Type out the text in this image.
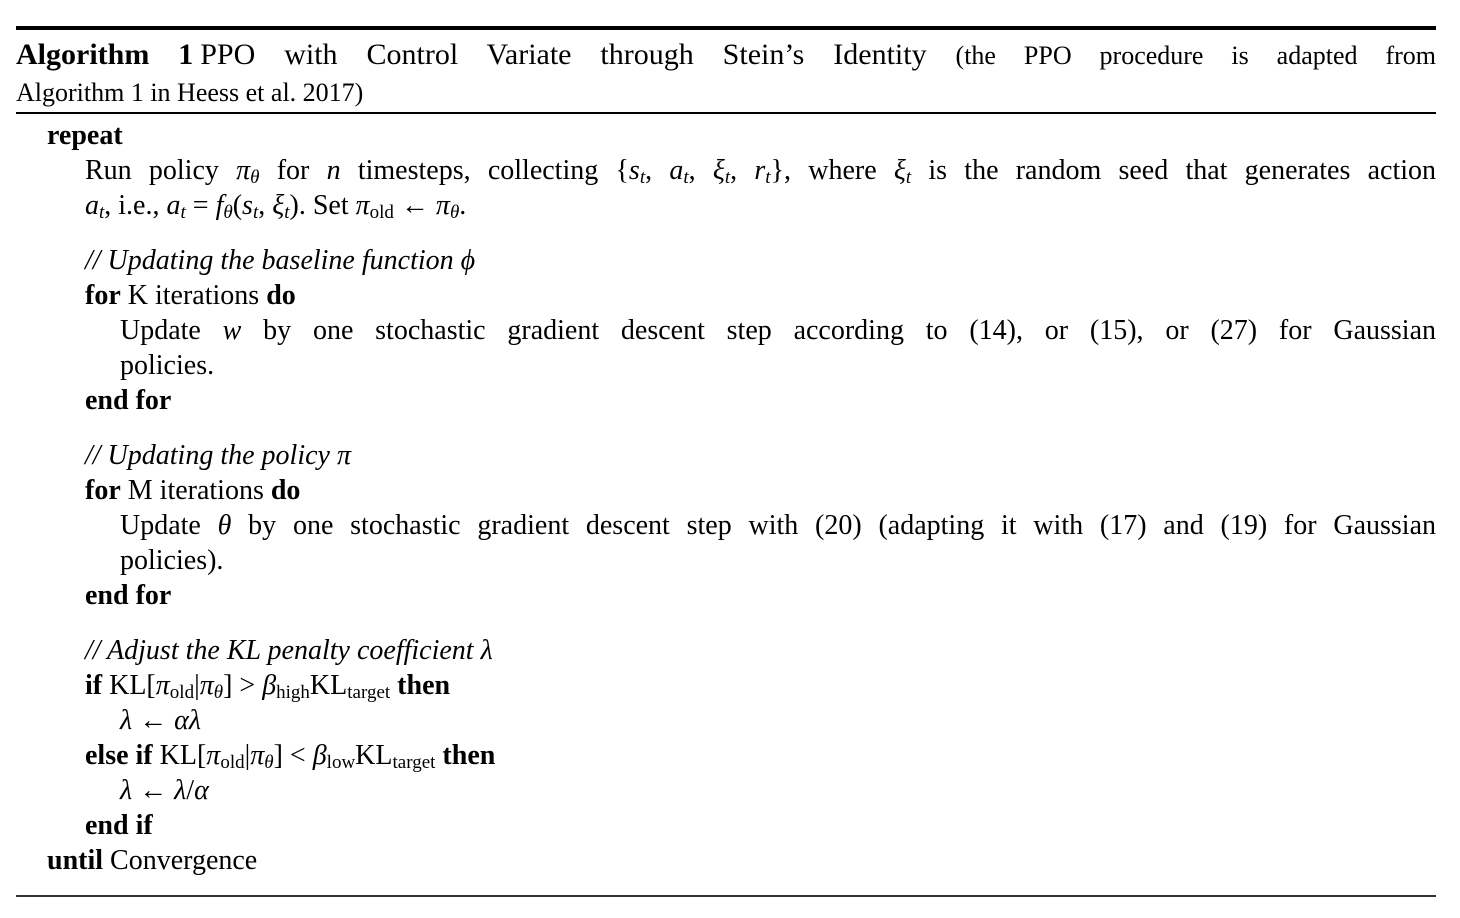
Algorithm 1 PPO with Control Variate through Stein’s Identity (the PPO procedure is adapted from
Algorithm 1 in Heess et al. 2017)
repeat
Run policy $\pi_\theta$ for n timesteps, collecting {$s_t$, $a_t$, $\xi_t$, $r_t$}, where $\xi_t$ is the random seed that generates action
$a_t$, i.e., $a_t = f_\theta(s_t$, $\xi_t$). Set $\pi_{old}$ ← $\pi_\theta$.
// Updating the baseline function ϕ
for K iterations do
Update w by one stochastic gradient descent step according to (14), or (15), or (27) for Gaussian
policies.
end for
// Updating the policy π
for M iterations do
Update θ by one stochastic gradient descent step with (20) (adapting it with (17) and (19) for Gaussian
policies).
end for
// Adjust the KL penalty coefficient λ
if $KL[\pi_{old}|\pi_\theta] > \beta_{high}KL_{target}$ then
λ ← αλ
else if $KL[\pi_{old}|\pi_\theta] < \beta_{low}KL_{target}$ then
λ ← λ/α
end if
until Convergence
